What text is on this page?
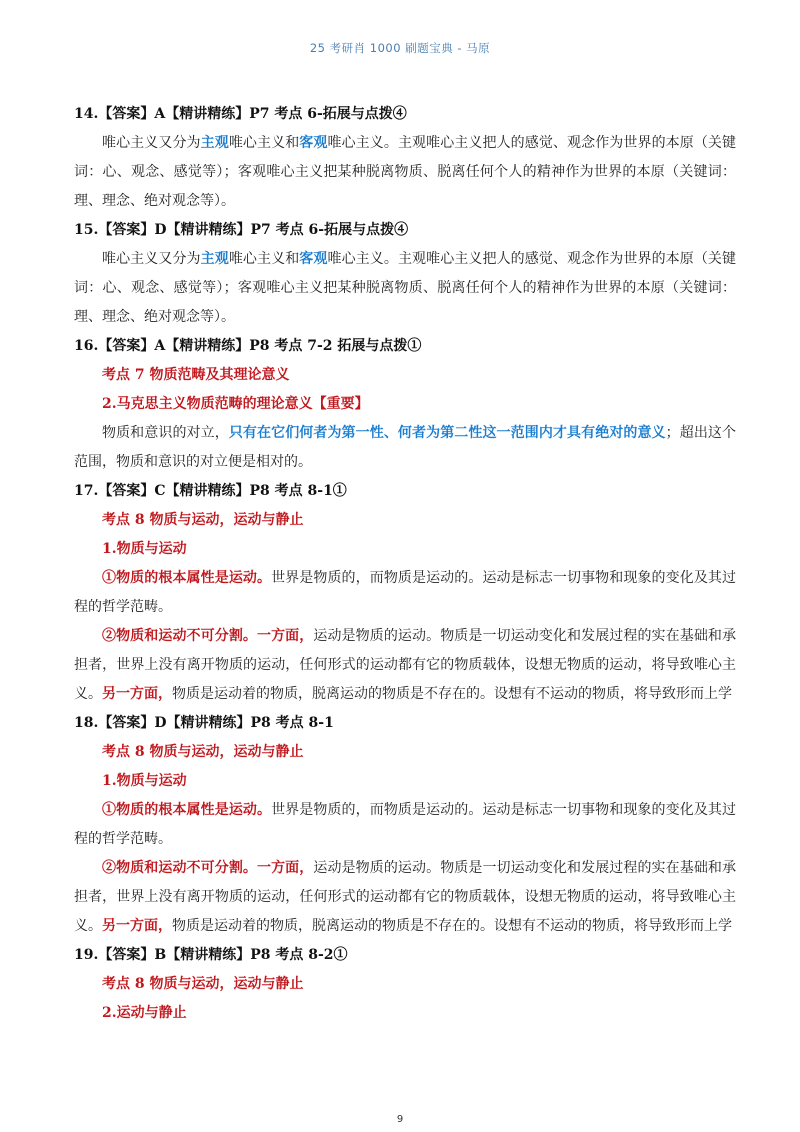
25 考研肖 1000 刷题宝典 - 马原
14.【答案】A【精讲精练】P7 考点 6-拓展与点拨④
唯心主义又分为主观唯心主义和客观唯心主义。主观唯心主义把人的感觉、观念作为世界的本原（关键词：心、观念、感觉等）；客观唯心主义把某种脱离物质、脱离任何个人的精神作为世界的本原（关键词：理、理念、绝对观念等）。
15.【答案】D【精讲精练】P7 考点 6-拓展与点拨④
唯心主义又分为主观唯心主义和客观唯心主义。主观唯心主义把人的感觉、观念作为世界的本原（关键词：心、观念、感觉等）；客观唯心主义把某种脱离物质、脱离任何个人的精神作为世界的本原（关键词：理、理念、绝对观念等）。
16.【答案】A【精讲精练】P8 考点 7-2 拓展与点拨①
考点 7 物质范畴及其理论意义
2.马克思主义物质范畴的理论意义【重要】
物质和意识的对立，只有在它们何者为第一性、何者为第二性这一范围内才具有绝对的意义；超出这个范围，物质和意识的对立便是相对的。
17.【答案】C【精讲精练】P8 考点 8-1①
考点 8 物质与运动，运动与静止
1.物质与运动
①物质的根本属性是运动。世界是物质的，而物质是运动的。运动是标志一切事物和现象的变化及其过程的哲学范畴。
②物质和运动不可分割。一方面，运动是物质的运动。物质是一切运动变化和发展过程的实在基础和承担者，世界上没有离开物质的运动，任何形式的运动都有它的物质载体，设想无物质的运动，将导致唯心主义。另一方面，物质是运动着的物质，脱离运动的物质是不存在的。设想有不运动的物质，将导致形而上学
18.【答案】D【精讲精练】P8 考点 8-1
考点 8 物质与运动，运动与静止
1.物质与运动
①物质的根本属性是运动。世界是物质的，而物质是运动的。运动是标志一切事物和现象的变化及其过程的哲学范畴。
②物质和运动不可分割。一方面，运动是物质的运动。物质是一切运动变化和发展过程的实在基础和承担者，世界上没有离开物质的运动，任何形式的运动都有它的物质载体，设想无物质的运动，将导致唯心主义。另一方面，物质是运动着的物质，脱离运动的物质是不存在的。设想有不运动的物质，将导致形而上学
19.【答案】B【精讲精练】P8 考点 8-2①
考点 8 物质与运动，运动与静止
2.运动与静止
9
